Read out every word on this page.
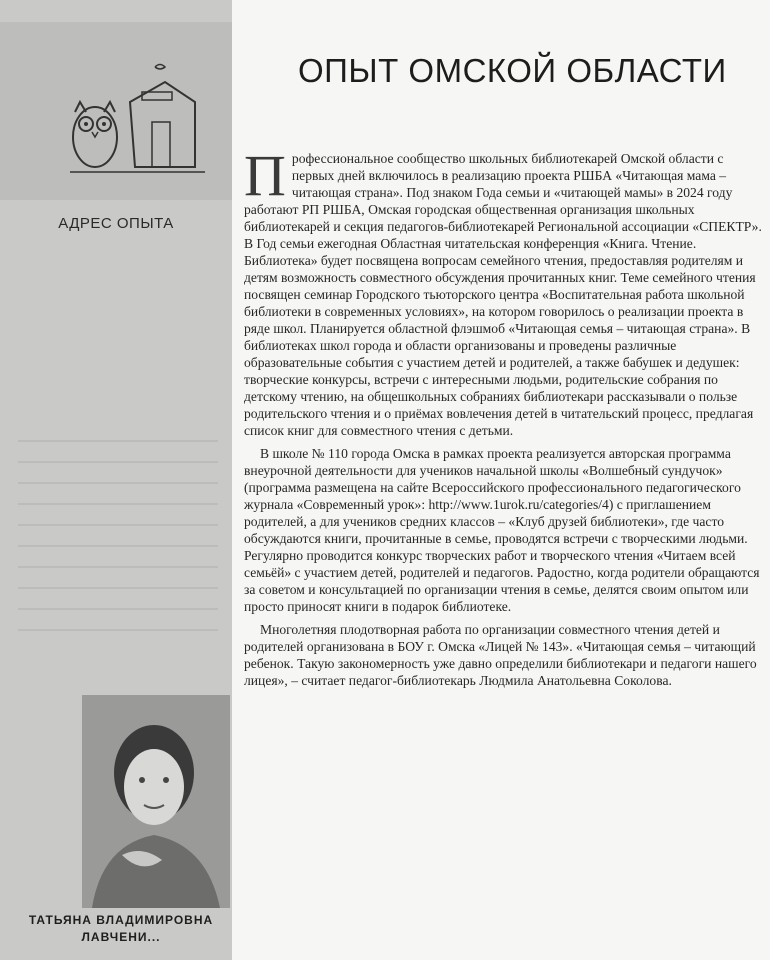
АДРЕС ОПЫТА
ТАТЬЯНА ВЛАДИМИРОВНА ЛАВЧЕНИ...
ОПЫТ ОМСКОЙ ОБЛАСТИ

Профессиональное сообщество школьных библиотекарей Омской области с первых дней включилось в реализацию проекта РШБА «Читающая мама – читающая страна». Под знаком Года семьи и «читающей мамы» в 2024 году работают РП РШБА, Омская городская общественная организация школьных библиотекарей и секция педагогов-библиотекарей Региональной ассоциации «СПЕКТР». В Год семьи ежегодная Областная читательская конференция «Книга. Чтение. Библиотека» будет посвящена вопросам семейного чтения, предоставляя родителям и детям возможность совместного обсуждения прочитанных книг. Теме семейного чтения посвящен семинар Городского тьюторского центра «Воспитательная работа школьной библиотеки в современных условиях», на котором говорилось о реализации проекта в ряде школ. Планируется областной флэшмоб «Читающая семья – читающая страна». В библиотеках школ города и области организованы и проведены различные образовательные события с участием детей и родителей, а также бабушек и дедушек: творческие конкурсы, встречи с интересными людьми, родительские собрания по детскому чтению, на общешкольных собраниях библиотекари рассказывали о пользе родительского чтения и о приёмах вовлечения детей в читательский процесс, предлагая список книг для совместного чтения с детьми.

В школе № 110 города Омска в рамках проекта реализуется авторская программа внеурочной деятельности для учеников начальной школы «Волшебный сундучок» (программа размещена на сайте Всероссийского профессионального педагогического журнала «Современный урок»: http://www.1urok.ru/categories/4) с приглашением родителей, а для учеников средних классов – «Клуб друзей библиотеки», где часто обсуждаются книги, прочитанные в семье, проводятся встречи с творческими людьми. Регулярно проводится конкурс творческих работ и творческого чтения «Читаем всей семьёй» с участием детей, родителей и педагогов. Радостно, когда родители обращаются за советом и консультацией по организации чтения в семье, делятся своим опытом или просто приносят книги в подарок библиотеке.

Многолетняя плодотворная работа по организации совместного чтения детей и родителей организована в БОУ г. Омска «Лицей № 143». «Читающая семья – читающий ребенок. Такую закономерность уже давно определили библиотекари и педагоги нашего лицея», – считает педагог-библиотекарь Людмила Анатольевна Соколова.
